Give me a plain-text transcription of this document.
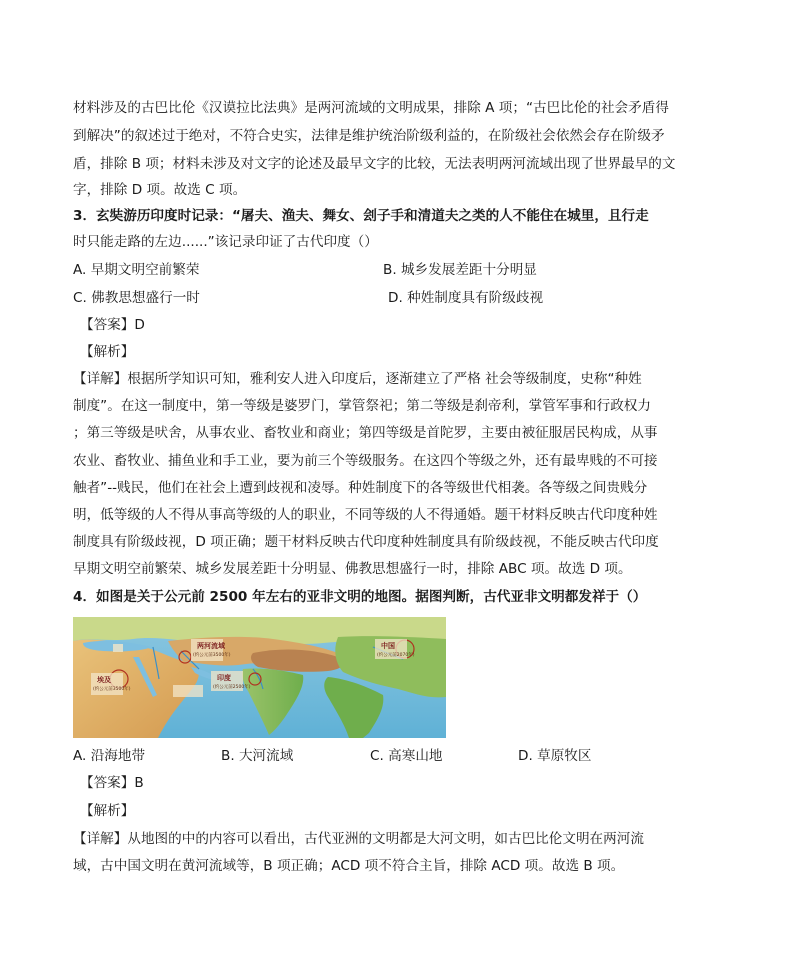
材料涉及的古巴比伦《汉谟拉比法典》是两河流域的文明成果，排除 A 项；“古巴比伦的社会矛盾得
到解决”的叙述过于绝对，不符合史实，法律是维护统治阶级利益的，在阶级社会依然会存在阶级矛
盾，排除 B 项；材料未涉及对文字的论述及最早文字的比较，无法表明两河流域出现了世界最早的文
字，排除 D 项。故选 C 项。
3．玄奘游历印度时记录：“屠夫、渔夫、舞女、刽子手和清道夫之类的人不能住在城里，且行走
时只能走路的左边......”该记录印证了古代印度（）
A. 早期文明空前繁荣	B. 城乡发展差距十分明显
C. 佛教思想盛行一时	D. 种姓制度具有阶级歧视
【答案】D
【解析】
【详解】根据所学知识可知，雅利安人进入印度后，逐渐建立了严格 社会等级制度，史称“种姓
制度”。在这一制度中，第一等级是婆罗门，掌管祭祀；第二等级是刹帝利，掌管军事和行政权力
；第三等级是吠舍，从事农业、畜牧业和商业；第四等级是首陀罗，主要由被征服居民构成，从事
农业、畜牧业、捕鱼业和手工业，要为前三个等级服务。在这四个等级之外，还有最卑贱的不可接
触者”--贱民，他们在社会上遭到歧视和凌辱。种姓制度下的各等级世代相袭。各等级之间贵贱分
明，低等级的人不得从事高等级的人的职业，不同等级的人不得通婚。题干材料反映古代印度种姓
制度具有阶级歧视，D 项正确；题干材料反映古代印度种姓制度具有阶级歧视，不能反映古代印度
早期文明空前繁荣、城乡发展差距十分明显、佛教思想盛行一时，排除 ABC 项。故选 D 项。
4．如图是关于公元前 2500 年左右的亚非文明的地图。据图判断，古代亚非文明都发祥于（）
两河流域
(约公元前3500年)
埃及
(约公元前3500年)
印度
(约公元前2500年)
中国
(约公元前2070年)
A. 沿海地带	B. 大河流域	C. 高寒山地	D. 草原牧区
【答案】B
【解析】
【详解】从地图的中的内容可以看出，古代亚洲的文明都是大河文明，如古巴比伦文明在两河流
域，古中国文明在黄河流域等，B 项正确；ACD 项不符合主旨，排除 ACD 项。故选 B 项。
